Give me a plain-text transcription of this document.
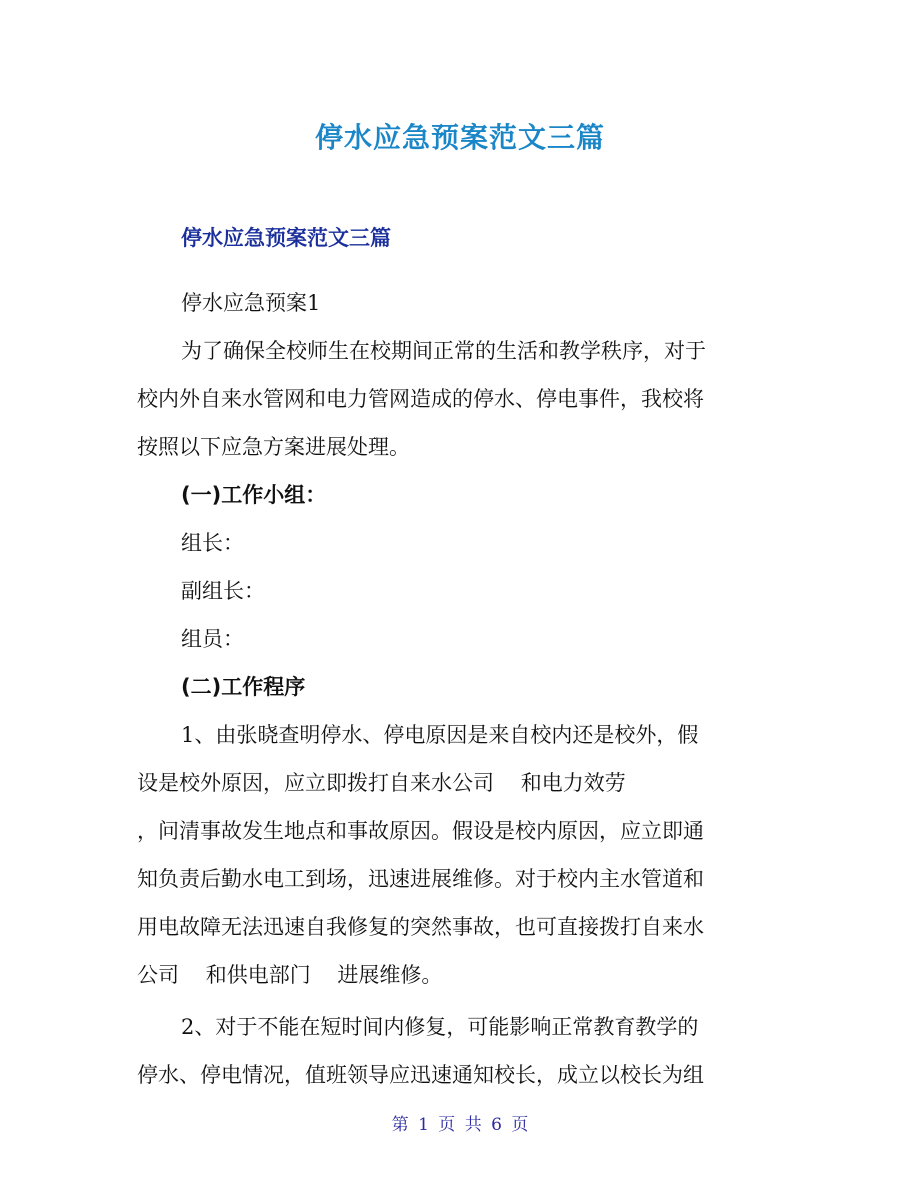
停水应急预案范文三篇
停水应急预案范文三篇
停水应急预案1
为了确保全校师生在校期间正常的生活和教学秩序，对于
校内外自来水管网和电力管网造成的停水、停电事件，我校将
按照以下应急方案进展处理。
(一)工作小组：
组长：
副组长：
组员：
(二)工作程序
1、由张晓查明停水、停电原因是来自校内还是校外，假
设是校外原因，应立即拨打自来水公司    和电力效劳
，问清事故发生地点和事故原因。假设是校内原因，应立即通
知负责后勤水电工到场，迅速进展维修。对于校内主水管道和
用电故障无法迅速自我修复的突然事故，也可直接拨打自来水
公司    和供电部门    进展维修。
2、对于不能在短时间内修复，可能影响正常教育教学的
停水、停电情况，值班领导应迅速通知校长，成立以校长为组
第 1 页 共 6 页
